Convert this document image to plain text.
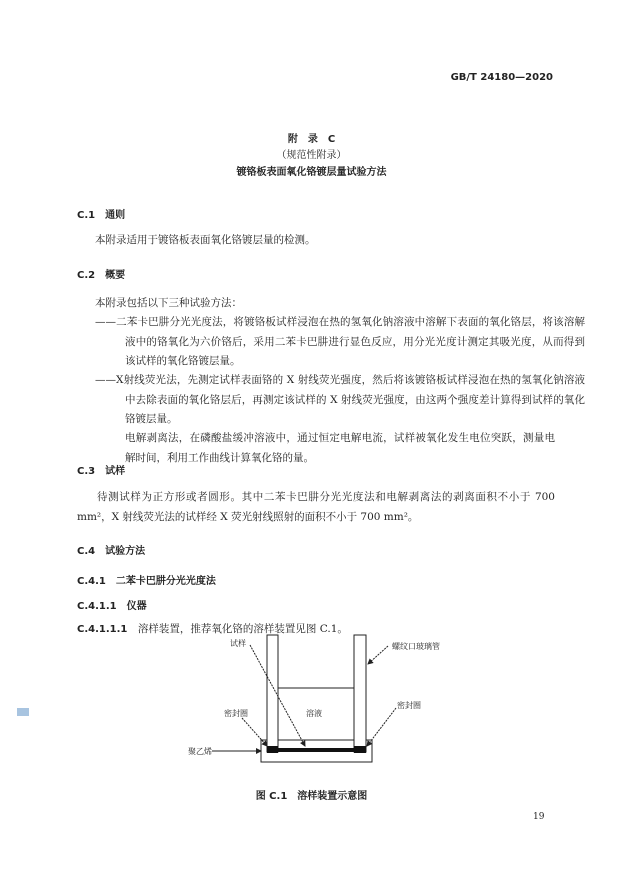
GB/T 24180—2020
附　录　C
（规范性附录）
镀铬板表面氧化铬镀层量试验方法
C.1　 通则
本附录适用于镀铬板表面氧化铬镀层量的检测。
C.2　 概要
本附录包括以下三种试验方法：
——二苯卡巴肼分光光度法，将镀铬板试样浸泡在热的氢氧化钠溶液中溶解下表面的氧化铬层，将该溶解液中的铬氧化为六价铬后，采用二苯卡巴肼进行显色反应，用分光光度计测定其吸光度，从而得到该试样的氧化铬镀层量。
——X射线荧光法，先测定试样表面铬的 X 射线荧光强度，然后将该镀铬板试样浸泡在热的氢氧化钠溶液中去除表面的氧化铬层后，再测定该试样的 X 射线荧光强度，由这两个强度差计算得到试样的氧化铬镀层量。
电解剥离法，在磷酸盐缓冲溶液中，通过恒定电解电流，试样被氧化发生电位突跃，测量电解时间，利用工作曲线计算氧化铬的量。
C.3　 试样
待测试样为正方形或者圆形。其中二苯卡巴肼分光光度法和电解剥离法的剥离面积不小于 700 mm²，X 射线荧光法的试样经 X 荧光射线照射的面积不小于 700 mm²。
C.4　 试验方法
C.4.1　 二苯卡巴肼分光光度法
C.4.1.1　 仪器
C.4.1.1.1　 溶样装置，推荐氧化铬的溶样装置见图 C.1。
试样	螺纹口玻璃管
密封圈	溶液
密封圈
聚乙烯
图 C.1　溶样装置示意图
19
